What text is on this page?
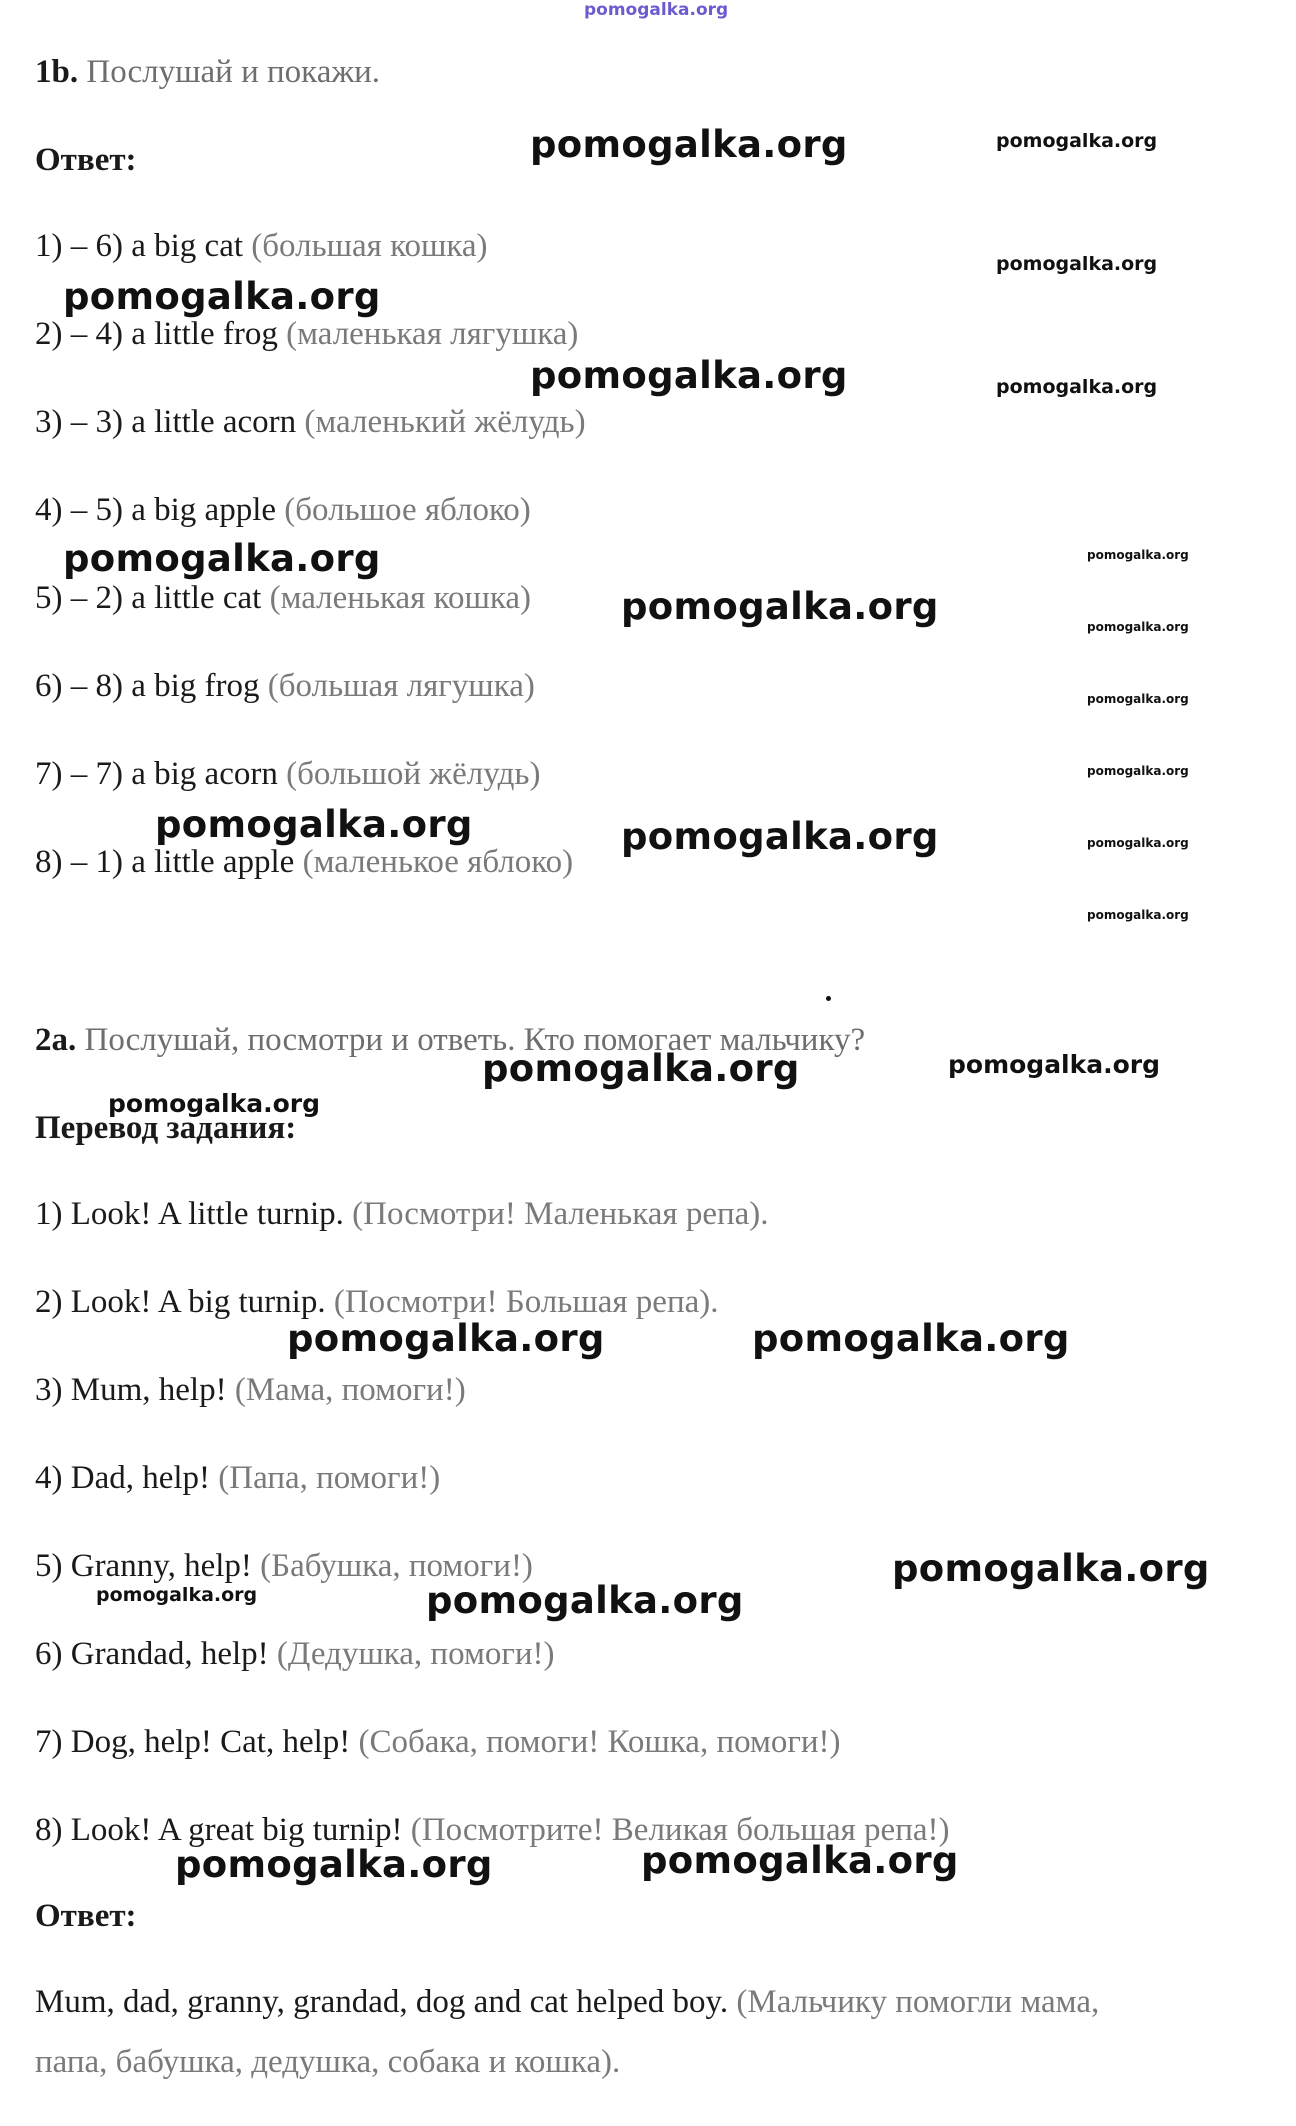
pomogalka.org
1b. Послушай и покажи.
Ответ:
1) – 6) a big cat (большая кошка)
2) – 4) a little frog (маленькая лягушка)
3) – 3) a little acorn (маленький жёлудь)
4) – 5) a big apple (большое яблоко)
5) – 2) a little cat (маленькая кошка)
6) – 8) a big frog (большая лягушка)
7) – 7) a big acorn (большой жёлудь)
8) – 1) a little apple (маленькое яблоко)
2a. Послушай, посмотри и ответь. Кто помогает мальчику?
Перевод задания:
1) Look! A little turnip. (Посмотри! Маленькая репа).
2) Look! A big turnip. (Посмотри! Большая репа).
3) Mum, help! (Мама, помоги!)
4) Dad, help! (Папа, помоги!)
5) Granny, help! (Бабушка, помоги!)
6) Grandad, help! (Дедушка, помоги!)
7) Dog, help! Cat, help! (Собака, помоги! Кошка, помоги!)
8) Look! A great big turnip! (Посмотрите! Великая большая репа!)
Ответ:
Mum, dad, granny, grandad, dog and cat helped boy. (Мальчику помогли мама,
папа, бабушка, дедушка, собака и кошка).
pomogalka.org	pomogalka.org
pomogalka.org
pomogalka.org
pomogalka.org	pomogalka.org
pomogalka.org	pomogalka.org
pomogalka.org	pomogalka.org
pomogalka.org
pomogalka.org
pomogalka.org	pomogalka.org	pomogalka.org
pomogalka.org
pomogalka.org	pomogalka.org
pomogalka.org
pomogalka.org	pomogalka.org
pomogalka.org
pomogalka.org	pomogalka.org
pomogalka.org	pomogalka.org
